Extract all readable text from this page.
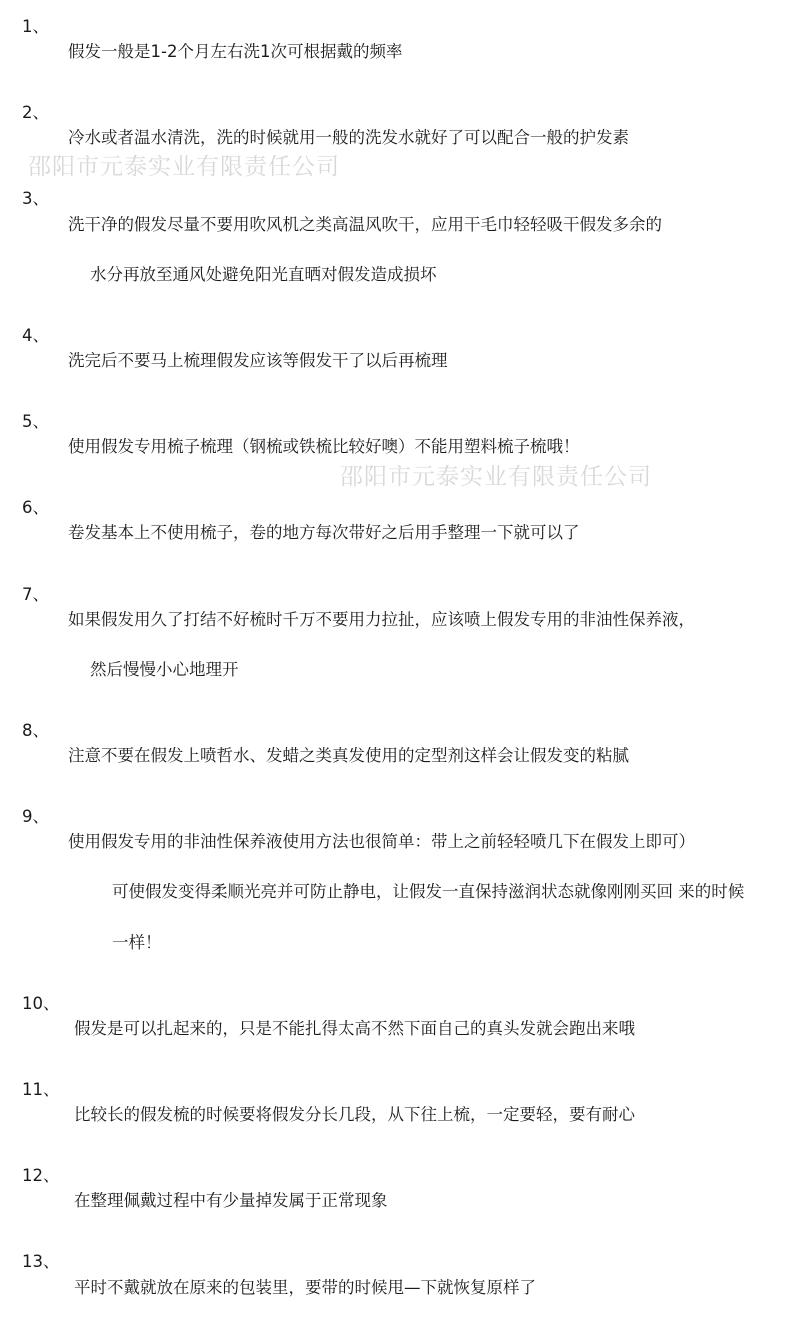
邵阳市元泰实业有限责任公司
邵阳市元泰实业有限责任公司
1、

假发一般是1-2个月左右洗1次可根据戴的频率

2、

冷水或者温水清洗，洗的时候就用一般的洗发水就好了可以配合一般的护发素

3、

洗干净的假发尽量不要用吹风机之类高温风吹干，应用干毛巾轻轻吸干假发多余的

水分再放至通风处避免阳光直晒对假发造成损坏

4、

洗完后不要马上梳理假发应该等假发干了以后再梳理

5、

使用假发专用梳子梳理（钢梳或铁梳比较好噢）不能用塑料梳子梳哦！

6、

卷发基本上不使用梳子，卷的地方每次带好之后用手整理一下就可以了

7、

如果假发用久了打结不好梳时千万不要用力拉扯，应该喷上假发专用的非油性保养液，

然后慢慢小心地理开

8、

注意不要在假发上喷哲水、发蜡之类真发使用的定型剂这样会让假发变的粘腻

9、

使用假发专用的非油性保养液使用方法也很简单：带上之前轻轻喷几下在假发上即可）

可使假发变得柔顺光亮并可防止静电，让假发一直保持滋润状态就像刚刚买回 来的时候

一样！

10、

假发是可以扎起来的，只是不能扎得太高不然下面自己的真头发就会跑出来哦

11、

比较长的假发梳的时候要将假发分长几段，从下往上梳，一定要轻，要有耐心

12、

在整理佩戴过程中有少量掉发属于正常现象

13、

平时不戴就放在原来的包装里，要带的时候甩—下就恢复原样了
